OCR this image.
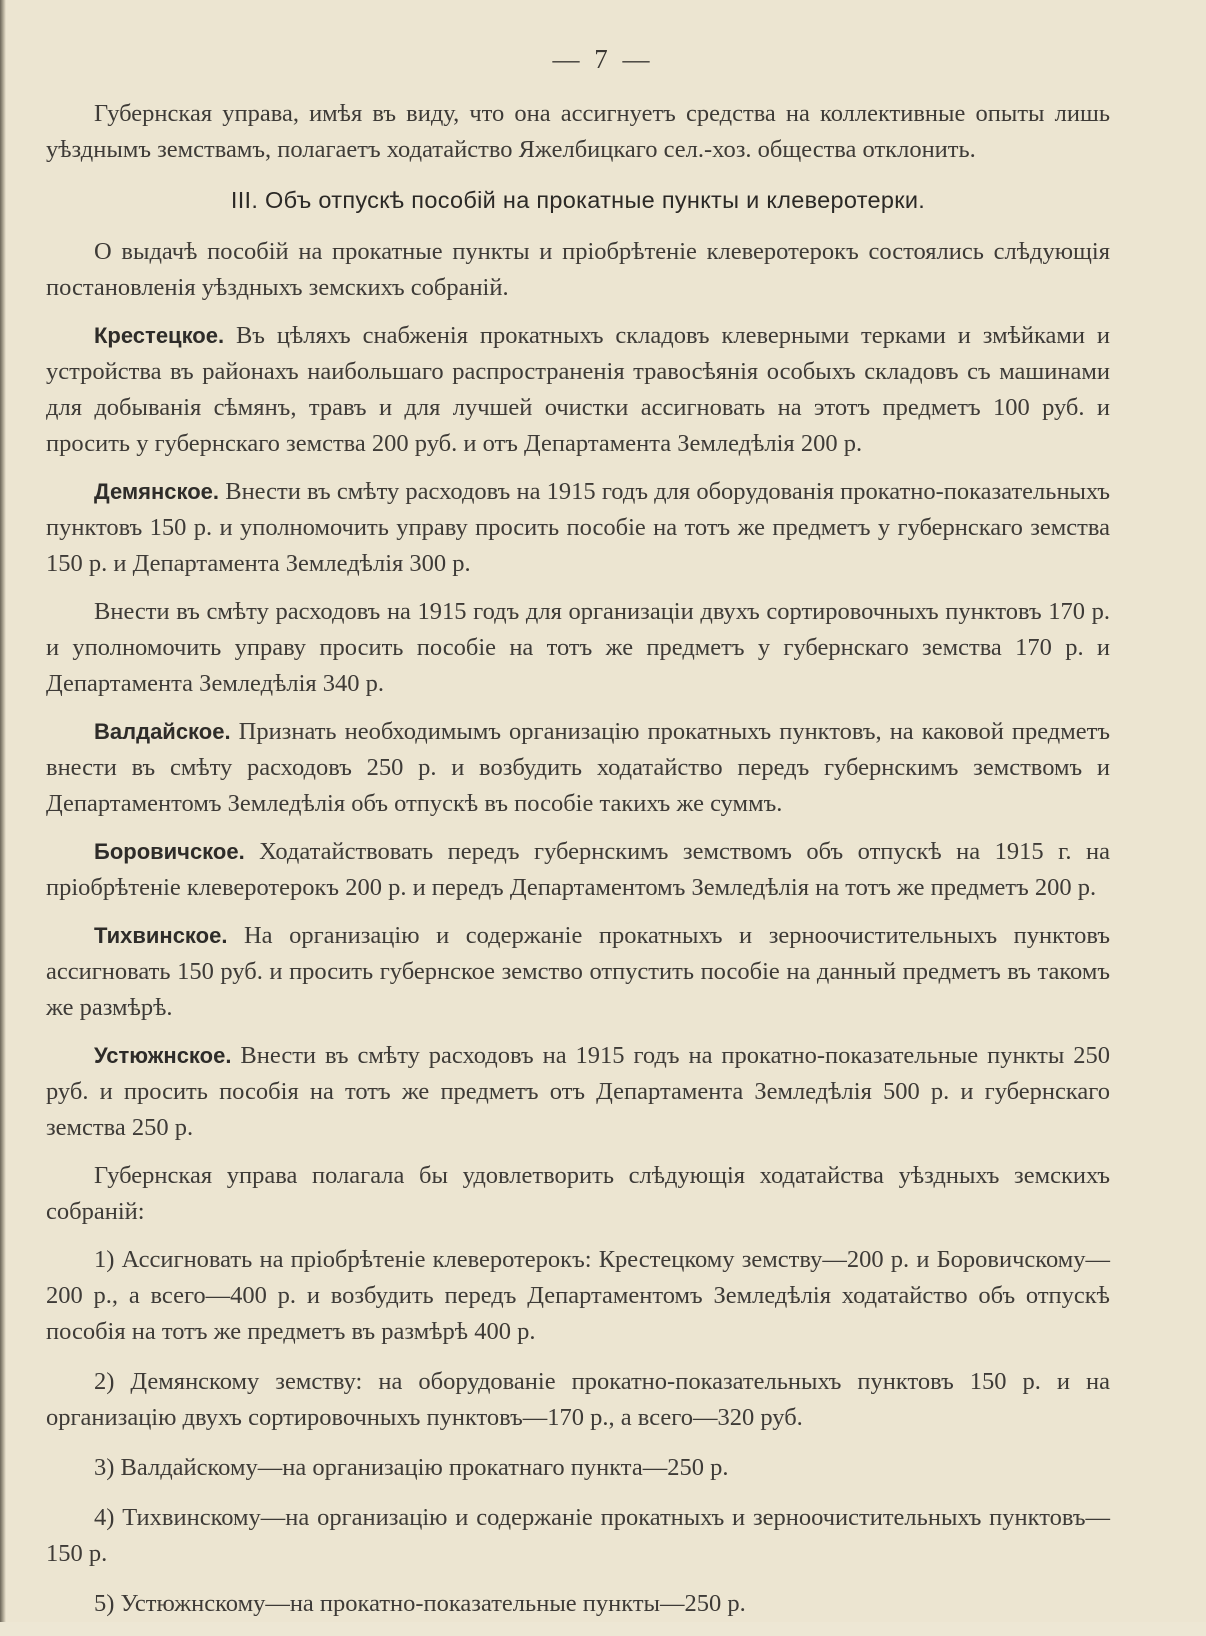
— 7 —

Губернская управа, имѣя въ виду, что она ассигнуетъ средства на коллективные опыты лишь уѣзднымъ земствамъ, полагаетъ ходатайство Яжелбицкаго сел.-хоз. общества отклонить.

III. Объ отпускѣ пособій на прокатные пункты и клеверотерки.

О выдачѣ пособій на прокатные пункты и пріобрѣтеніе клеверотерокъ состоялись слѣдующія постановленія уѣздныхъ земскихъ собраній.

Крестецкое. Въ цѣляхъ снабженія прокатныхъ складовъ клеверными терками и змѣйками и устройства въ районахъ наибольшаго распространенія травосѣянія особыхъ складовъ съ машинами для добыванія сѣмянъ, травъ и для лучшей очистки ассигновать на этотъ предметъ 100 руб. и просить у губернскаго земства 200 руб. и отъ Департамента Земледѣлія 200 р.

Демянское. Внести въ смѣту расходовъ на 1915 годъ для оборудованія прокатно-показательныхъ пунктовъ 150 р. и уполномочить управу просить пособіе на тотъ же предметъ у губернскаго земства 150 р. и Департамента Земледѣлія 300 р.

Внести въ смѣту расходовъ на 1915 годъ для организаціи двухъ сортировочныхъ пунктовъ 170 р. и уполномочить управу просить пособіе на тотъ же предметъ у губернскаго земства 170 р. и Департамента Земледѣлія 340 р.

Валдайское. Признать необходимымъ организацію прокатныхъ пунктовъ, на каковой предметъ внести въ смѣту расходовъ 250 р. и возбудить ходатайство передъ губернскимъ земствомъ и Департаментомъ Земледѣлія объ отпускѣ въ пособіе такихъ же суммъ.

Боровичское. Ходатайствовать передъ губернскимъ земствомъ объ отпускѣ на 1915 г. на пріобрѣтеніе клеверотерокъ 200 р. и передъ Департаментомъ Земледѣлія на тотъ же предметъ 200 р.

Тихвинское. На организацію и содержаніе прокатныхъ и зерноочистительныхъ пунктовъ ассигновать 150 руб. и просить губернское земство отпустить пособіе на данный предметъ въ такомъ же размѣрѣ.

Устюжнское. Внести въ смѣту расходовъ на 1915 годъ на прокатно-показательные пункты 250 руб. и просить пособія на тотъ же предметъ отъ Департамента Земледѣлія 500 р. и губернскаго земства 250 р.

Губернская управа полагала бы удовлетворить слѣдующія ходатайства уѣздныхъ земскихъ собраній:

1) Ассигновать на пріобрѣтеніе клеверотерокъ: Крестецкому земству—200 р. и Боровичскому—200 р., а всего—400 р. и возбудить передъ Департаментомъ Земледѣлія ходатайство объ отпускѣ пособія на тотъ же предметъ въ размѣрѣ 400 р.

2) Демянскому земству: на оборудованіе прокатно-показательныхъ пунктовъ 150 р. и на организацію двухъ сортировочныхъ пунктовъ—170 р., а всего—320 руб.

3) Валдайскому—на организацію прокатнаго пункта—250 р.

4) Тихвинскому—на организацію и содержаніе прокатныхъ и зерноочистительныхъ пунктовъ—150 р.

5) Устюжнскому—на прокатно-показательные пункты—250 р.
